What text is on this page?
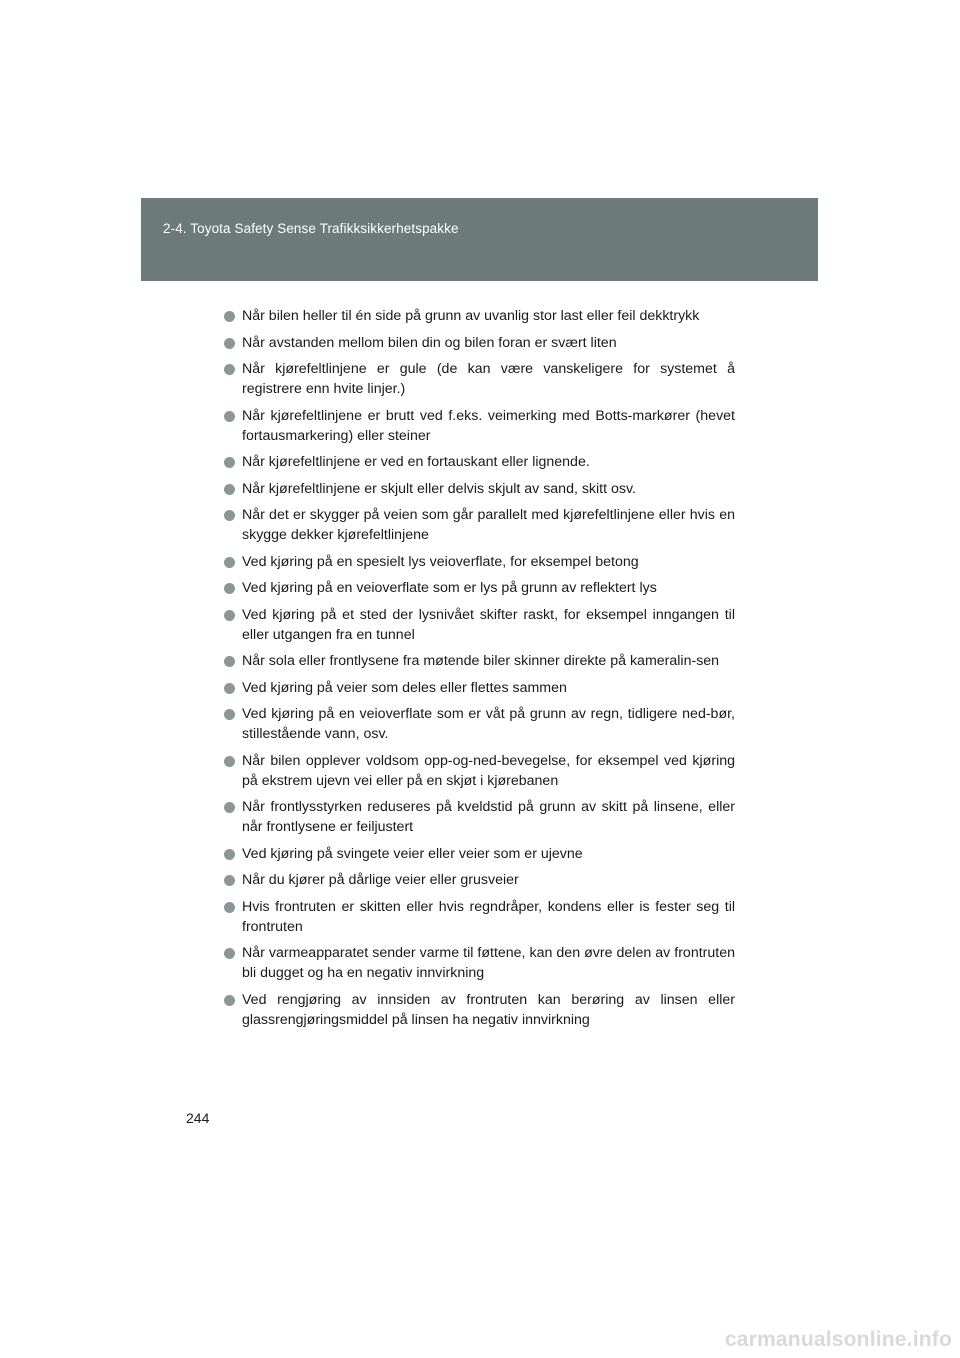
2-4. Toyota Safety Sense Trafikksikkerhetspakke
Når bilen heller til én side på grunn av uvanlig stor last eller feil dekktrykk
Når avstanden mellom bilen din og bilen foran er svært liten
Når kjørefeltlinjene er gule (de kan være vanskeligere for systemet å registrere enn hvite linjer.)
Når kjørefeltlinjene er brutt ved f.eks. veimerking med Botts-markører (hevet fortausmarkering) eller steiner
Når kjørefeltlinjene er ved en fortauskant eller lignende.
Når kjørefeltlinjene er skjult eller delvis skjult av sand, skitt osv.
Når det er skygger på veien som går parallelt med kjørefeltlinjene eller hvis en skygge dekker kjørefeltlinjene
Ved kjøring på en spesielt lys veioverflate, for eksempel betong
Ved kjøring på en veioverflate som er lys på grunn av reflektert lys
Ved kjøring på et sted der lysnivået skifter raskt, for eksempel inngangen til eller utgangen fra en tunnel
Når sola eller frontlysene fra møtende biler skinner direkte på kameralin-sen
Ved kjøring på veier som deles eller flettes sammen
Ved kjøring på en veioverflate som er våt på grunn av regn, tidligere ned-bør, stillestående vann, osv.
Når bilen opplever voldsom opp-og-ned-bevegelse, for eksempel ved kjøring på ekstrem ujevn vei eller på en skjøt i kjørebanen
Når frontlysstyrken reduseres på kveldstid på grunn av skitt på linsene, eller når frontlysene er feiljustert
Ved kjøring på svingete veier eller veier som er ujevne
Når du kjører på dårlige veier eller grusveier
Hvis frontruten er skitten eller hvis regndråper, kondens eller is fester seg til frontruten
Når varmeapparatet sender varme til føttene, kan den øvre delen av frontruten bli dugget og ha en negativ innvirkning
Ved rengjøring av innsiden av frontruten kan berøring av linsen eller glassrengjøringsmiddel på linsen ha negativ innvirkning
244
carmanualsonline.info
